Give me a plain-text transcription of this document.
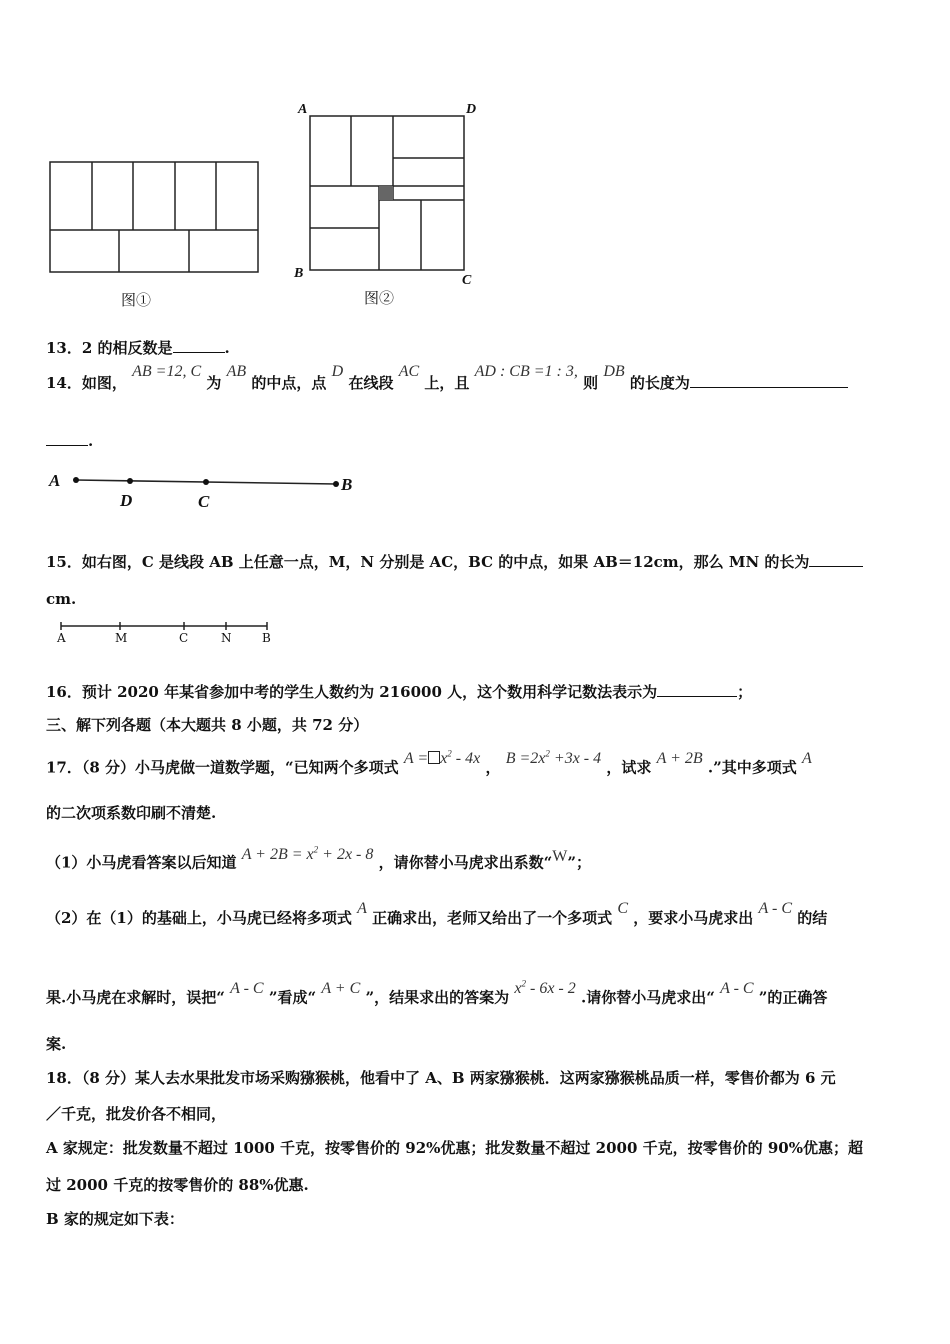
图①
A	D
B	C
图②
13．2 的相反数是	.
14．如图， AB =12, C 为 AB 的中点，点 D 在线段 AC 上，且 AD : CB =1 : 3, 则 DB 的长度为
.
A
D	C
B
15．如右图，C 是线段 AB 上任意一点，M，N 分别是 AC，BC 的中点，如果 AB＝12cm，那么 MN 的长为
cm.
A	M	C	N	B
16．预计 2020 年某省参加中考的学生人数约为 216000 人，这个数用科学记数法表示为	；
三、解下列各题（本大题共 8 小题，共 72 分）
17．（8 分）小马虎做一道数学题，“已知两个多项式 $A = x^2 - 4x$ ， $B =2x^2 +3x - 4$ ，试求 A + 2B .”其中多项式 A
的二次项系数印刷不清楚.
（1）小马虎看答案以后知道 $A + 2B = x^2 + 2x - 8$ ，请你替小马虎求出系数“W”；
（2）在（1）的基础上，小马虎已经将多项式 A 正确求出，老师又给出了一个多项式 C ，要求小马虎求出 A - C 的结
果.小马虎在求解时，误把“ A - C ”看成“ A + C ”，结果求出的答案为 $x^2 - 6x - 2$ .请你替小马虎求出“ A - C ”的正确答
案.
18．（8 分）某人去水果批发市场采购猕猴桃，他看中了 A、B 两家猕猴桃．这两家猕猴桃品质一样，零售价都为 6 元
／千克，批发价各不相同，
A 家规定：批发数量不超过 1000 千克，按零售价的 92%优惠；批发数量不超过 2000 千克，按零售价的 90%优惠；超
过 2000 千克的按零售价的 88%优惠.
B 家的规定如下表：
